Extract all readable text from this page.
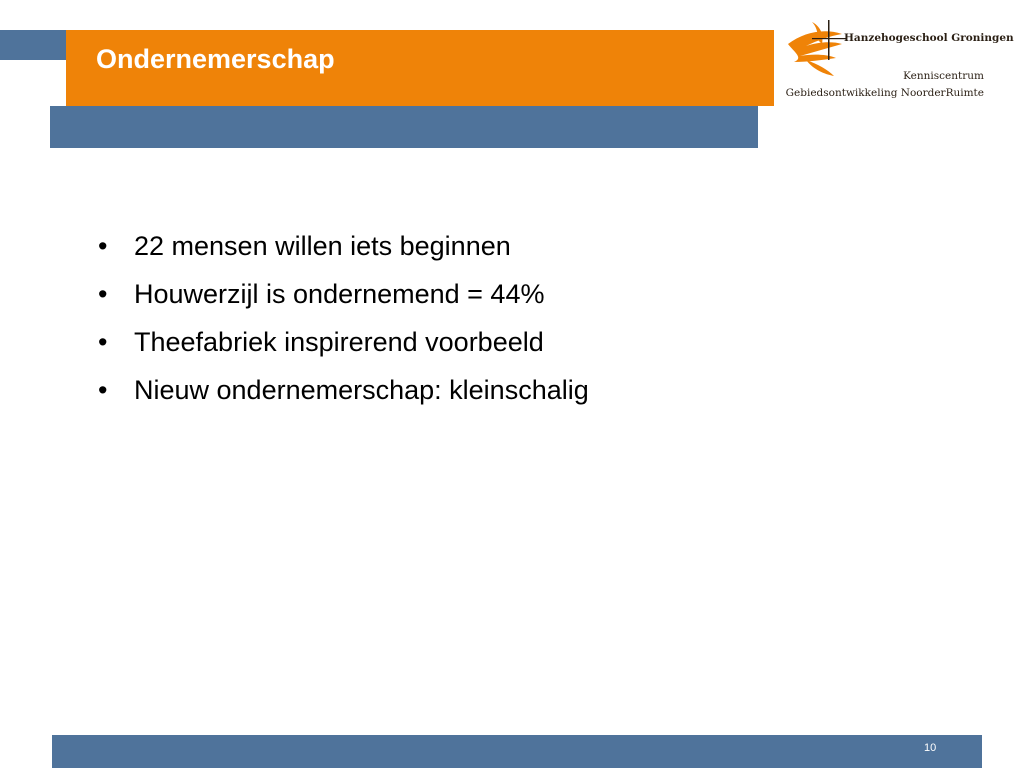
Ondernemerschap
Hanzehogeschool Groningen
Kenniscentrum
Gebiedsontwikkeling NoorderRuimte
• 22 mensen willen iets beginnen
• Houwerzijl is ondernemend = 44%
• Theefabriek inspirerend voorbeeld
• Nieuw ondernemerschap: kleinschalig
10
